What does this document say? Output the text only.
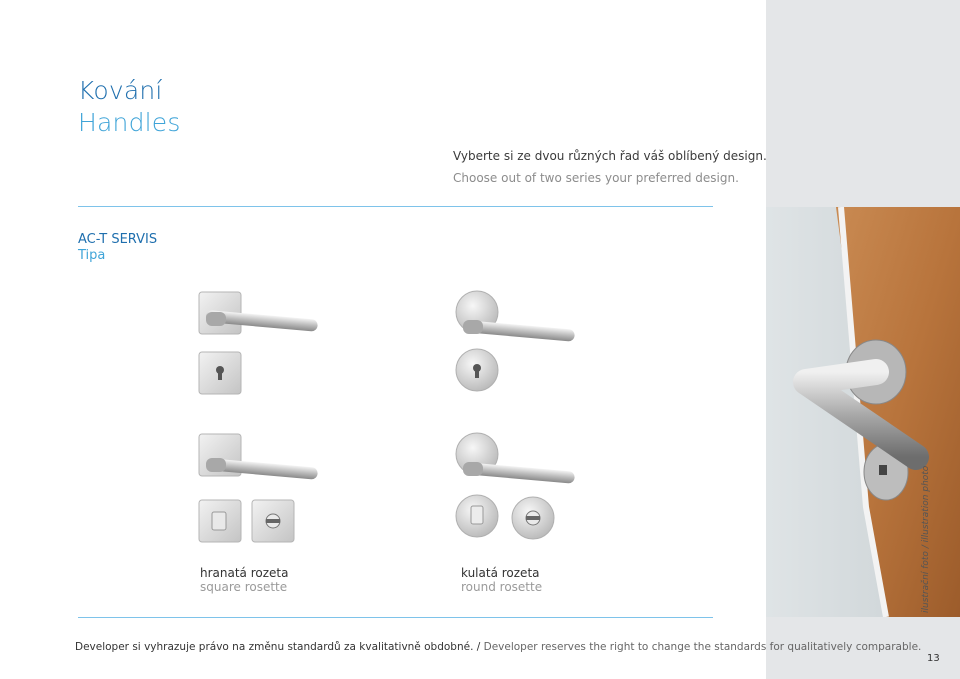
Kování
Handles
Vyberte si ze dvou různých řad váš oblíbený design.
Choose out of two series your preferred design.
AC-T SERVIS
Tipa
hranatá rozeta
square rosette
kulatá rozeta
round rosette	ilustrační foto / illustration photo
Developer si vyhrazuje právo na změnu standardů za kvalitativně obdobné. / Developer reserves the right to change the standards for qualitatively comparable.
13
